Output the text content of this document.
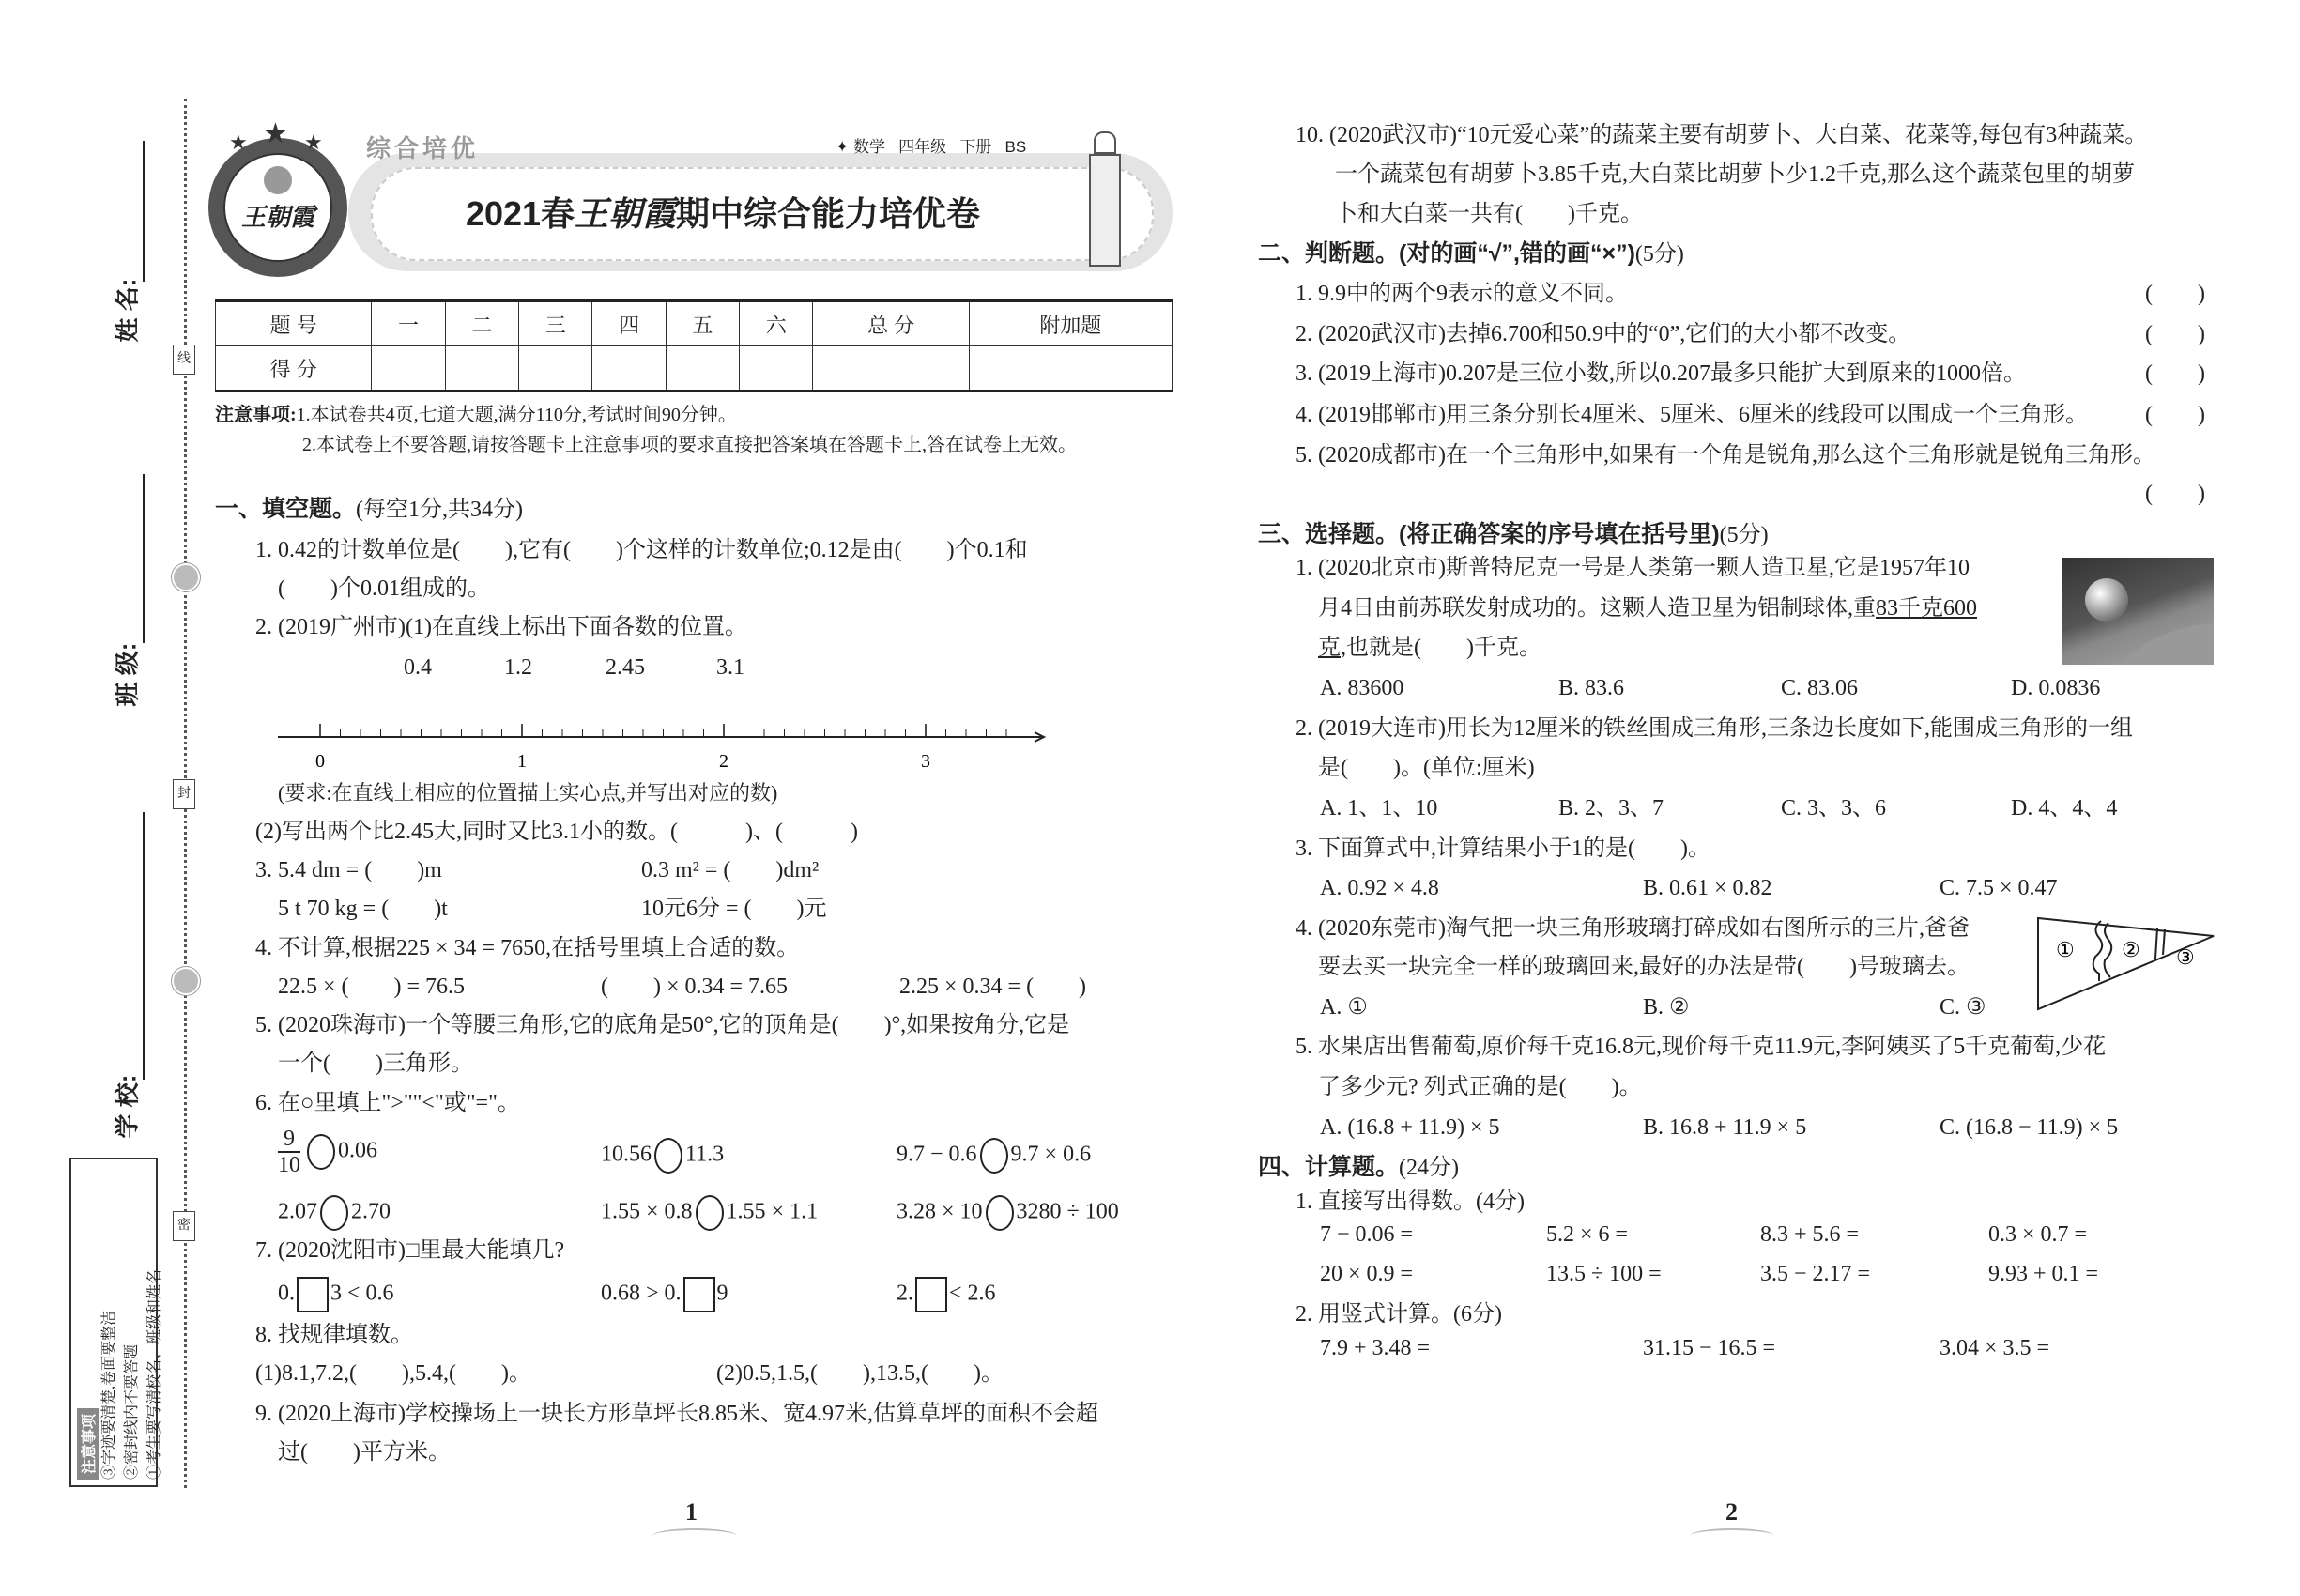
线
封
密
姓 名:
班 级:
学 校:
注意事项 ③字迹要清楚,卷面要整洁 ②密封线内不要答题 ①考生要写清校名、班级和姓名
王朝霞
★
★	★ 综合培优	✦ 数学 四年级 下册 BS
2021春王朝霞期中综合能力培优卷
题 号	一	二	三	四	五	六	总 分	附加题
得 分								
注意事项:1.本试卷共4页,七道大题,满分110分,考试时间90分钟。
2.本试卷上不要答题,请按答题卡上注意事项的要求直接把答案填在答题卡上,答在试卷上无效。
一、填空题。(每空1分,共34分)
1. 0.42的计数单位是(　　),它有(　　)个这样的计数单位;0.12是由(　　)个0.1和
(　　)个0.01组成的。
2. (2019广州市)(1)在直线上标出下面各数的位置。
0.4	1.2	2.45	3.1
0	1	2	3
(要求:在直线上相应的位置描上实心点,并写出对应的数)
(2)写出两个比2.45大,同时又比3.1小的数。(　　　)、(　　　)
3. 5.4 dm = (　　)m	0.3 m² = (　　)dm²
5 t 70 kg = (　　)t	10元6分 = (　　)元
4. 不计算,根据225 × 34 = 7650,在括号里填上合适的数。
22.5 × (　　) = 76.5	(　　) × 0.34 = 7.65	2.25 × 0.34 = (　　)
5. (2020珠海市)一个等腰三角形,它的底角是50°,它的顶角是(　　)°,如果按角分,它是
一个(　　)三角形。
6. 在○里填上">""<"或"="。
$\frac{9}{10} 0.06$	10.56 11.3	9.7 − 0.6 9.7 × 0.6
2.07 2.70	1.55 × 0.8 1.55 × 1.1	3.28 × 10 3280 ÷ 100
7. (2020沈阳市)□里最大能填几?
0. 3 < 0.6	0.68 > 0. 9	2. < 2.6
8. 找规律填数。
(1)8.1,7.2,(　　),5.4,(　　)。	(2)0.5,1.5,(　　),13.5,(　　)。
9. (2020上海市)学校操场上一块长方形草坪长8.85米、宽4.97米,估算草坪的面积不会超
过(　　)平方米。
1
10. (2020武汉市)“10元爱心菜”的蔬菜主要有胡萝卜、大白菜、花菜等,每包有3种蔬菜。
一个蔬菜包有胡萝卜3.85千克,大白菜比胡萝卜少1.2千克,那么这个蔬菜包里的胡萝
卜和大白菜一共有(　　)千克。
二、判断题。(对的画“√”,错的画“×”)(5分)
1. 9.9中的两个9表示的意义不同。	(　　)
2. (2020武汉市)去掉6.700和50.9中的“0”,它们的大小都不改变。	(　　)
3. (2019上海市)0.207是三位小数,所以0.207最多只能扩大到原来的1000倍。	(　　)
4. (2019邯郸市)用三条分别长4厘米、5厘米、6厘米的线段可以围成一个三角形。	(　　)
5. (2020成都市)在一个三角形中,如果有一个角是锐角,那么这个三角形就是锐角三角形。
(　　)
三、选择题。(将正确答案的序号填在括号里)(5分)
1. (2020北京市)斯普特尼克一号是人类第一颗人造卫星,它是1957年10
月4日由前苏联发射成功的。这颗人造卫星为铝制球体,重83千克600
克,也就是(　　)千克。
A. 83600	B. 83.6	C. 83.06	D. 0.0836
2. (2019大连市)用长为12厘米的铁丝围成三角形,三条边长度如下,能围成三角形的一组
是(　　)。(单位:厘米)
A. 1、1、10	B. 2、3、7	C. 3、3、6	D. 4、4、4
3. 下面算式中,计算结果小于1的是(　　)。
A. 0.92 × 4.8	B. 0.61 × 0.82	C. 7.5 × 0.47
4. (2020东莞市)淘气把一块三角形玻璃打碎成如右图所示的三片,爸爸
要去买一块完全一样的玻璃回来,最好的办法是带(　　)号玻璃去。
① ② ③
A. ①	B. ②	C. ③
5. 水果店出售葡萄,原价每千克16.8元,现价每千克11.9元,李阿姨买了5千克葡萄,少花
了多少元? 列式正确的是(　　)。
A. (16.8 + 11.9) × 5	B. 16.8 + 11.9 × 5	C. (16.8 − 11.9) × 5
四、计算题。(24分)
1. 直接写出得数。(4分)
7 − 0.06 =	5.2 × 6 =	8.3 + 5.6 =	0.3 × 0.7 =
20 × 0.9 =	13.5 ÷ 100 =	3.5 − 2.17 =	9.93 + 0.1 =
2. 用竖式计算。(6分)
7.9 + 3.48 =	31.15 − 16.5 =	3.04 × 3.5 =
2
